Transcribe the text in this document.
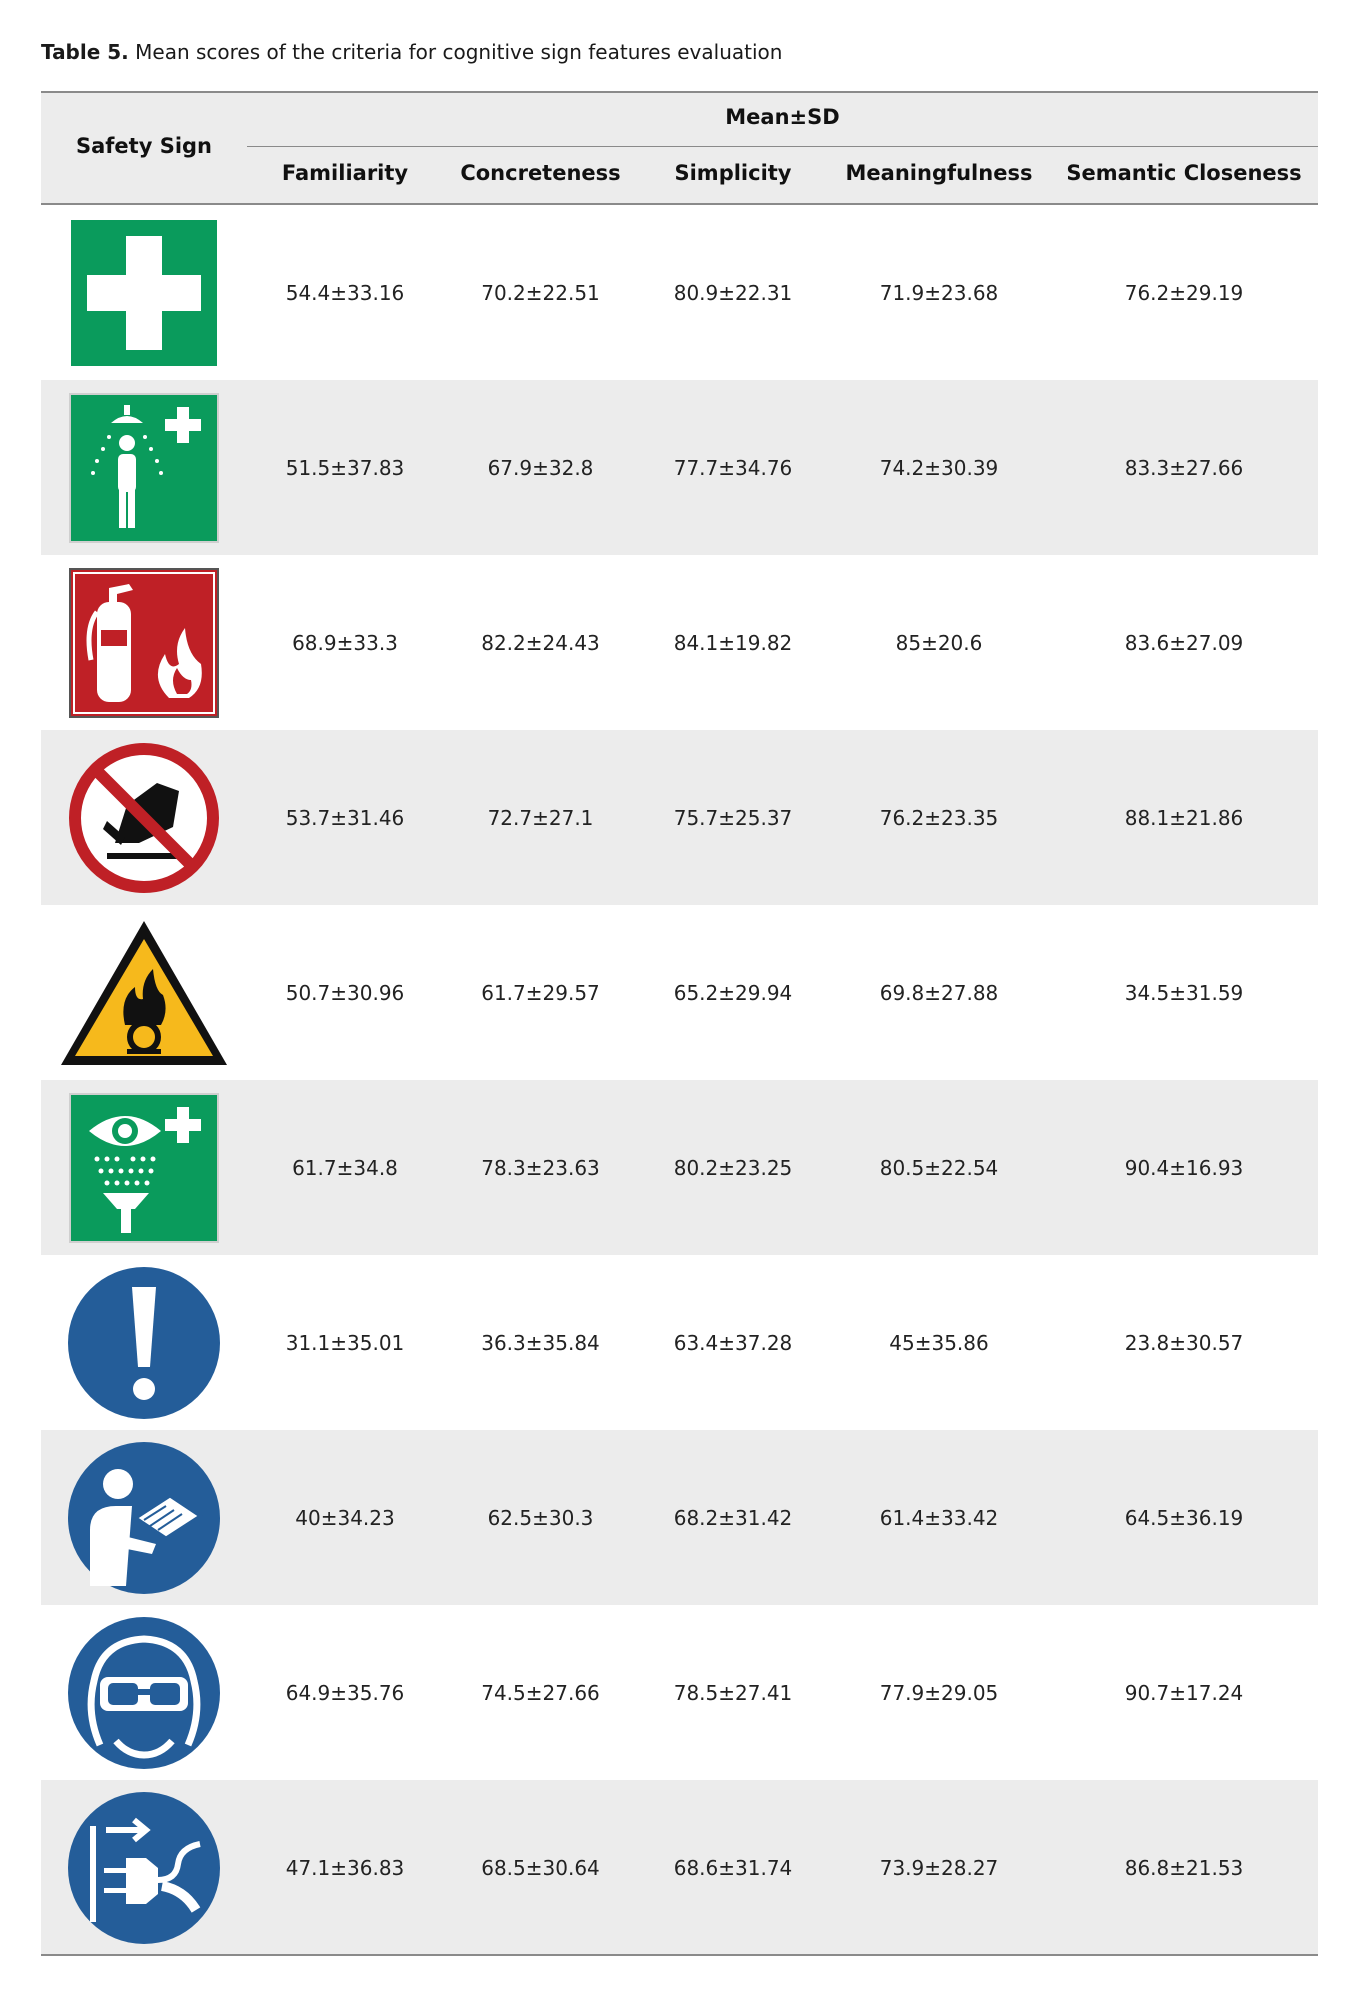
Table 5. Mean scores of the criteria for cognitive sign features evaluation
Safety Sign
Mean±SD
Familiarity	Concreteness	Simplicity	Meaningfulness	Semantic Closeness
54.4±33.16	70.2±22.51	80.9±22.31	71.9±23.68	76.2±29.19
51.5±37.83	67.9±32.8	77.7±34.76	74.2±30.39	83.3±27.66
68.9±33.3	82.2±24.43	84.1±19.82	85±20.6	83.6±27.09
53.7±31.46	72.7±27.1	75.7±25.37	76.2±23.35	88.1±21.86
50.7±30.96	61.7±29.57	65.2±29.94	69.8±27.88	34.5±31.59
61.7±34.8	78.3±23.63	80.2±23.25	80.5±22.54	90.4±16.93
31.1±35.01	36.3±35.84	63.4±37.28	45±35.86	23.8±30.57
40±34.23	62.5±30.3	68.2±31.42	61.4±33.42	64.5±36.19
64.9±35.76	74.5±27.66	78.5±27.41	77.9±29.05	90.7±17.24
47.1±36.83	68.5±30.64	68.6±31.74	73.9±28.27	86.8±21.53
